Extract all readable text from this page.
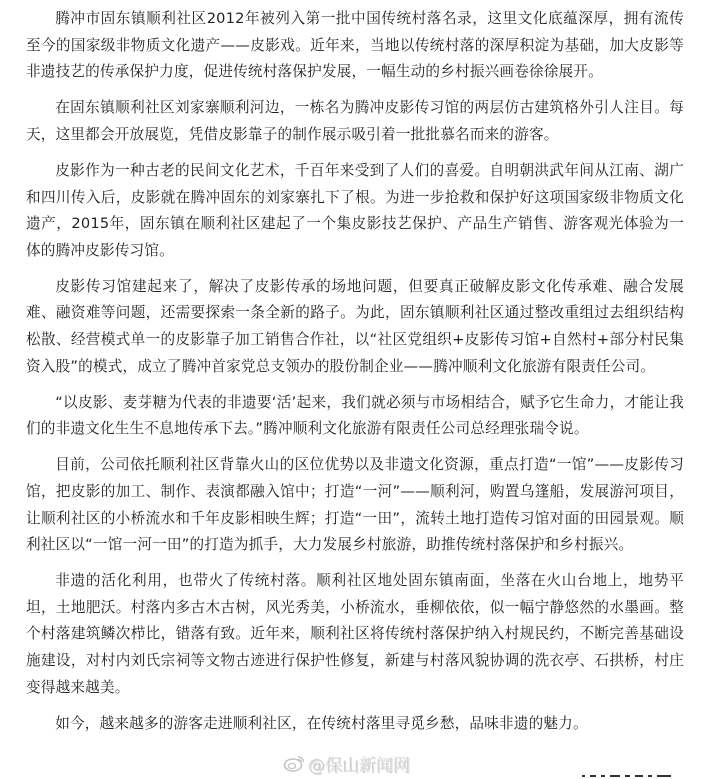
腾冲市固东镇顺利社区2012年被列入第一批中国传统村落名录，这里文化底蕴深厚，拥有流传至今的国家级非物质文化遗产——皮影戏。近年来，当地以传统村落的深厚积淀为基础，加大皮影等非遗技艺的传承保护力度，促进传统村落保护发展，一幅生动的乡村振兴画卷徐徐展开。

在固东镇顺利社区刘家寨顺利河边，一栋名为腾冲皮影传习馆的两层仿古建筑格外引人注目。每天，这里都会开放展览，凭借皮影靠子的制作展示吸引着一批批慕名而来的游客。

皮影作为一种古老的民间文化艺术，千百年来受到了人们的喜爱。自明朝洪武年间从江南、湖广和四川传入后，皮影就在腾冲固东的刘家寨扎下了根。为进一步抢救和保护好这项国家级非物质文化遗产，2015年，固东镇在顺利社区建起了一个集皮影技艺保护、产品生产销售、游客观光体验为一体的腾冲皮影传习馆。

皮影传习馆建起来了，解决了皮影传承的场地问题，但要真正破解皮影文化传承难、融合发展难、融资难等问题，还需要探索一条全新的路子。为此，固东镇顺利社区通过整改重组过去组织结构松散、经营模式单一的皮影靠子加工销售合作社，以“社区党组织+皮影传习馆+自然村+部分村民集资入股”的模式，成立了腾冲首家党总支领办的股份制企业——腾冲顺利文化旅游有限责任公司。

“以皮影、麦芽糖为代表的非遗要‘活’起来，我们就必须与市场相结合，赋予它生命力，才能让我们的非遗文化生生不息地传承下去。”腾冲顺利文化旅游有限责任公司总经理张瑞令说。

目前，公司依托顺利社区背靠火山的区位优势以及非遗文化资源，重点打造“一馆”——皮影传习馆，把皮影的加工、制作、表演都融入馆中；打造“一河”——顺利河，购置乌篷船，发展游河项目，让顺利社区的小桥流水和千年皮影相映生辉；打造“一田”，流转土地打造传习馆对面的田园景观。顺利社区以“一馆一河一田”的打造为抓手，大力发展乡村旅游，助推传统村落保护和乡村振兴。

非遗的活化利用，也带火了传统村落。顺利社区地处固东镇南面，坐落在火山台地上，地势平坦，土地肥沃。村落内多古木古树，风光秀美，小桥流水，垂柳依依，似一幅宁静悠然的水墨画。整个村落建筑鳞次栉比，错落有致。近年来，顺利社区将传统村落保护纳入村规民约，不断完善基础设施建设，对村内刘氏宗祠等文物古迹进行保护性修复，新建与村落风貌协调的洗衣亭、石拱桥，村庄变得越来越美。

如今，越来越多的游客走进顺利社区，在传统村落里寻觅乡愁，品味非遗的魅力。

@保山新闻网
